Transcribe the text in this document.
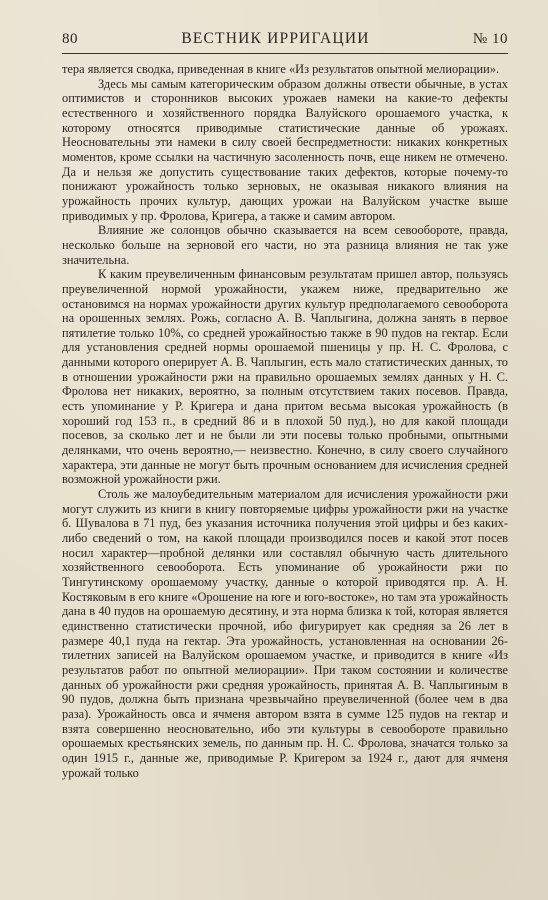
80	ВЕСТНИК ИРРИГАЦИИ	№ 10

тера является сводка, приведенная в книге «Из результатов опытной мелиорации».

Здесь мы самым категорическим образом должны отвести обычные, в устах оптимистов и сторонников высоких урожаев намеки на какие-то дефекты естественного и хозяйственного порядка Валуйского орошаемого участка, к которому относятся приводимые статистические данные об урожаях. Неосновательны эти намеки в силу своей беспредметности: никаких конкретных моментов, кроме ссылки на частичную засоленность почв, еще никем не отмечено. Да и нельзя же допустить существование таких дефектов, которые почему-то понижают урожайность только зерновых, не оказывая никакого влияния на урожайность прочих культур, дающих урожаи на Валуйском участке выше приводимых у пр. Фролова, Кригера, а также и самим автором.

Влияние же солонцов обычно сказывается на всем севообороте, правда, несколько больше на зерновой его части, но эта разница влияния не так уже значительна.

К каким преувеличенным финансовым результатам пришел автор, пользуясь преувеличенной нормой урожайности, укажем ниже, предварительно же остановимся на нормах урожайности других культур предполагаемого севооборота на орошенных землях. Рожь, согласно А. В. Чаплыгина, должна занять в первое пятилетие только 10%, со средней урожайностью также в 90 пудов на гектар. Если для установления средней нормы орошаемой пшеницы у пр. Н. С. Фролова, с данными которого оперирует А. В. Чаплыгин, есть мало статистических данных, то в отношении урожайности ржи на правильно орошаемых землях данных у Н. С. Фролова нет никаких, вероятно, за полным отсутствием таких посевов. Правда, есть упоминание у Р. Кригера и дана притом весьма высокая урожайность (в хороший год 153 п., в средний 86 и в плохой 50 пуд.), но для какой площади посевов, за сколько лет и не были ли эти посевы только пробными, опытными делянками, что очень вероятно,— неизвестно. Конечно, в силу своего случайного характера, эти данные не могут быть прочным основанием для исчисления средней возможной урожайности ржи.

Столь же малоубедительным материалом для исчисления урожайности ржи могут служить из книги в книгу повторяемые цифры урожайности ржи на участке б. Шувалова в 71 пуд, без указания источника получения этой цифры и без каких-либо сведений о том, на какой площади производился посев и какой этот посев носил характер—пробной делянки или составлял обычную часть длительного хозяйственного севооборота. Есть упоминание об урожайности ржи по Тингутинскому орошаемому участку, данные о которой приводятся пр. А. Н. Костяковым в его книге «Орошение на юге и юго-востоке», но там эта урожайность дана в 40 пудов на орошаемую десятину, и эта норма близка к той, которая является единственно статистически прочной, ибо фигурирует как средняя за 26 лет в размере 40,1 пуда на гектар. Эта урожайность, установленная на основании 26-тилетних записей на Валуйском орошаемом участке, и приводится в книге «Из результатов работ по опытной мелиорации». При таком состоянии и количестве данных об урожайности ржи средняя урожайность, принятая А. В. Чаплыгиным в 90 пудов, должна быть признана чрезвычайно преувеличенной (более чем в два раза). Урожайность овса и ячменя автором взята в сумме 125 пудов на гектар и взята совершенно неосновательно, ибо эти культуры в севообороте правильно орошаемых крестьянских земель, по данным пр. Н. С. Фролова, значатся только за один 1915 г., данные же, приводимые Р. Кригером за 1924 г., дают для ячменя урожай только
